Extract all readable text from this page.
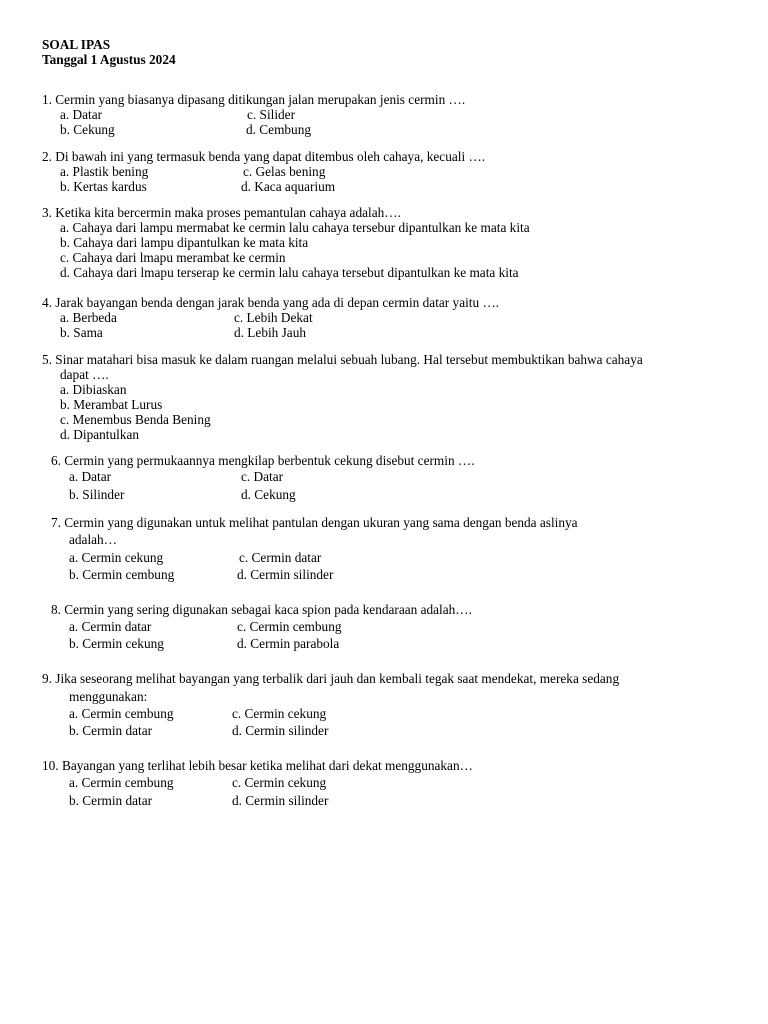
SOAL IPAS
Tanggal 1 Agustus 2024
1. Cermin yang biasanya dipasang ditikungan jalan merupakan jenis cermin ….
a. Datar	c. Silider
b. Cekung	d. Cembung
2. Di bawah ini yang termasuk benda yang dapat ditembus oleh cahaya, kecuali ….
a. Plastik bening	c. Gelas bening
b. Kertas kardus	d. Kaca aquarium
3. Ketika kita bercermin maka proses pemantulan cahaya adalah….
a. Cahaya dari lampu mermabat ke cermin lalu cahaya tersebur dipantulkan ke mata kita
b. Cahaya dari lampu dipantulkan ke mata kita
c. Cahaya dari lmapu merambat ke cermin
d. Cahaya dari lmapu terserap ke cermin lalu cahaya tersebut dipantulkan ke mata kita
4. Jarak bayangan benda dengan jarak benda yang ada di depan cermin datar yaitu ….
a. Berbeda	c. Lebih Dekat
b. Sama	d. Lebih Jauh
5. Sinar matahari bisa masuk ke dalam ruangan melalui sebuah lubang. Hal tersebut membuktikan bahwa cahaya
dapat ….
a. Dibiaskan
b. Merambat Lurus
c. Menembus Benda Bening
d. Dipantulkan
6. Cermin yang permukaannya mengkilap berbentuk cekung disebut cermin ….
a. Datar	c. Datar
b. Silinder	d. Cekung
7. Cermin yang digunakan untuk melihat pantulan dengan ukuran yang sama dengan benda aslinya
adalah…
a. Cermin cekung	c. Cermin datar
b. Cermin cembung	d. Cermin silinder
8. Cermin yang sering digunakan sebagai kaca spion pada kendaraan adalah….
a. Cermin datar	c. Cermin cembung
b. Cermin cekung	d. Cermin parabola
9. Jika seseorang melihat bayangan yang terbalik dari jauh dan kembali tegak saat mendekat, mereka sedang
menggunakan:
a. Cermin cembung	c. Cermin cekung
b. Cermin datar	d. Cermin silinder
10. Bayangan yang terlihat lebih besar ketika melihat dari dekat menggunakan…
a. Cermin cembung	c. Cermin cekung
b. Cermin datar	d. Cermin silinder
